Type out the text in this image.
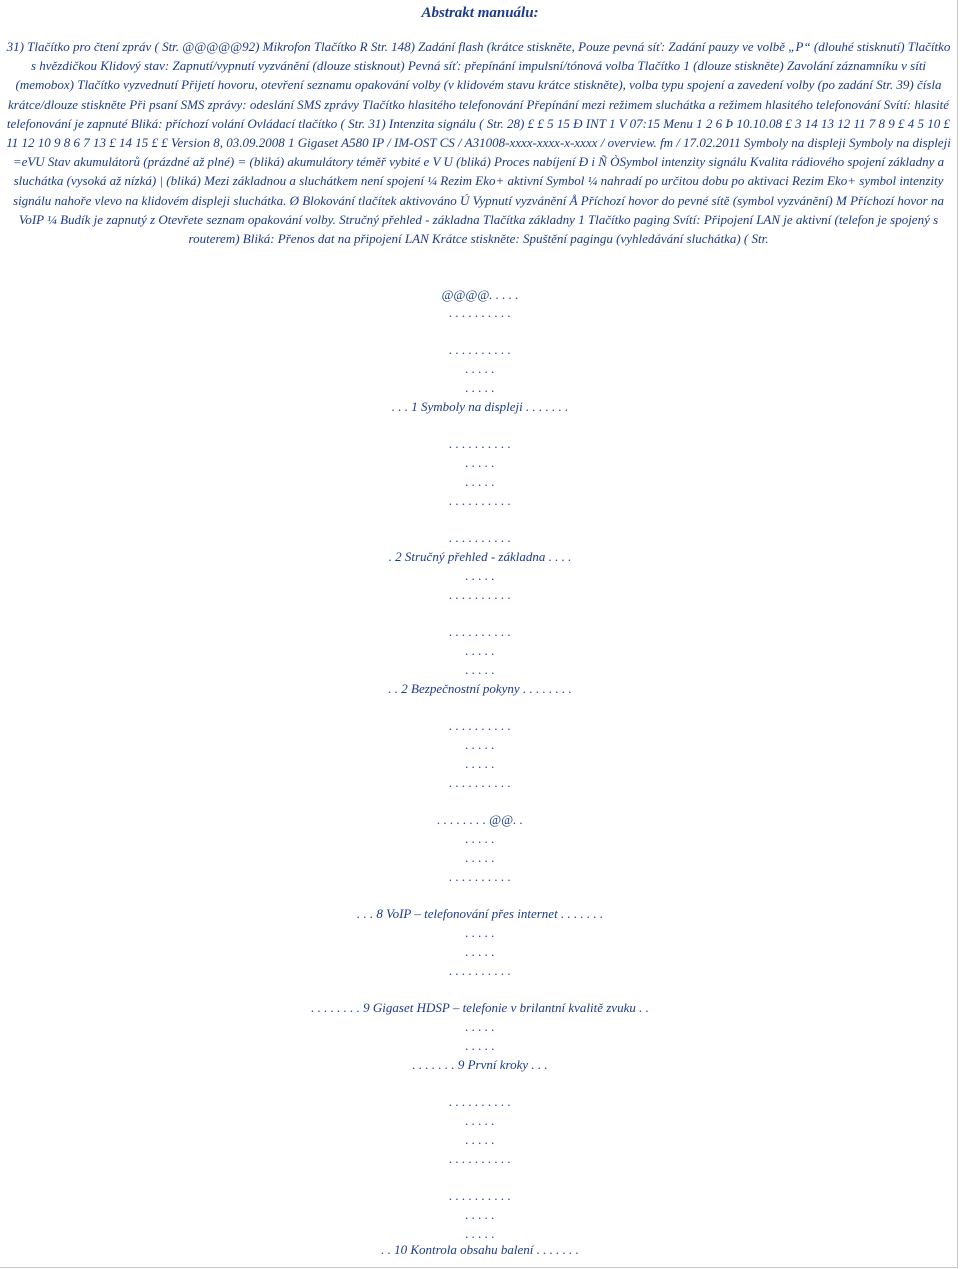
Abstrakt manuálu:
31) Tlačítko pro čtení zpráv ( Str. @@@@@92) Mikrofon Tlačítko R Str. 148) Zadání flash (krátce stiskněte, Pouze pevná síť: Zadání pauzy ve volbě „P“ (dlouhé stisknutí) Tlačítko s hvězdičkou Klidový stav: Zapnutí/vypnutí vyzvánění (dlouze stisknout) Pevná síť: přepínání impulsní/tónová volba Tlačítko 1 (dlouze stiskněte) Zavolání záznamníku v síti (memobox) Tlačítko vyzvednutí Přijetí hovoru, otevření seznamu opakování volby (v klidovém stavu krátce stiskněte), volba typu spojení a zavedení volby (po zadání Str. 39) čísla krátce/dlouze stiskněte Při psaní SMS zprávy: odeslání SMS zprávy Tlačítko hlasitého telefonování Přepínání mezi režimem sluchátka a režimem hlasitého telefonování Svítí: hlasité telefonování je zapnuté Bliká: příchozí volání Ovládací tlačítko ( Str. 31) Intenzita signálu ( Str. 28) £ £ 5 15 Ð INT 1 V 07:15 Menu 1 2 6 Þ 10.10.08 £ 3 14 13 12 11 7 8 9 £ 4 5 10 £ 11 12 10 9 8 6 7 13 £ 14 15 £ £ Version 8, 03.09.2008 1 Gigaset A580 IP / IM-OST CS / A31008-xxxx-xxxx-x-xxxx / overview. fm / 17.02.2011 Symboly na displeji Symboly na displeji =eVU Stav akumulátorů (prázdné až plné) = (bliká) akumulátory téměř vybité e V U (bliká) Proces nabíjení Ð i Ñ ÒSymbol intenzity signálu Kvalita rádiového spojení základny a sluchátka (vysoká až nízká) | (bliká) Mezi základnou a sluchátkem není spojení ¼ Rezim Eko+ aktivní Symbol ¼ nahradí po určitou dobu po aktivaci Rezim Eko+ symbol intenzity signálu nahoře vlevo na klidovém displeji sluchátka. Ø Blokování tlačítek aktivováno Ú Vypnutí vyzvánění Å Příchozí hovor do pevné sítě (symbol vyzvánění) M Příchozí hovor na VoIP ¼ Budík je zapnutý z Otevřete seznam opakování volby. Stručný přehled - základna Tlačítka základny 1 Tlačítko paging Svítí: Připojení LAN je aktivní (telefon je spojený s routerem) Bliká: Přenos dat na připojení LAN Krátce stiskněte: Spuštění pagingu (vyhledávání sluchátka) ( Str.
@@@@. . . . .
. . . . . . . . . .
. . . . . . . . . .
. . . . .
. . . . .
. . . 1 Symboly na displeji . . . . . . .
. . . . . . . . . .
. . . . .
. . . . .
. . . . . . . . . .
. . . . . . . . . .
. 2 Stručný přehled - základna . . . .
. . . . .
. . . . . . . . . .
. . . . . . . . . .
. . . . .
. . . . .
. . 2 Bezpečnostní pokyny . . . . . . . .
. . . . . . . . . .
. . . . .
. . . . .
. . . . . . . . . .
. . . . . . . . @@. .
. . . . .
. . . . .
. . . . . . . . . .
. . . 8 VoIP – telefonování přes internet . . . . . . .
. . . . .
. . . . .
. . . . . . . . . .
. . . . . . . . 9 Gigaset HDSP – telefonie v brilantní kvalitě zvuku . .
. . . . .
. . . . .
. . . . . . . 9 První kroky . . .
. . . . . . . . . .
. . . . .
. . . . .
. . . . . . . . . .
. . . . . . . . . .
. . . . .
. . . . .
. . 10 Kontrola obsahu balení . . . . . . .
